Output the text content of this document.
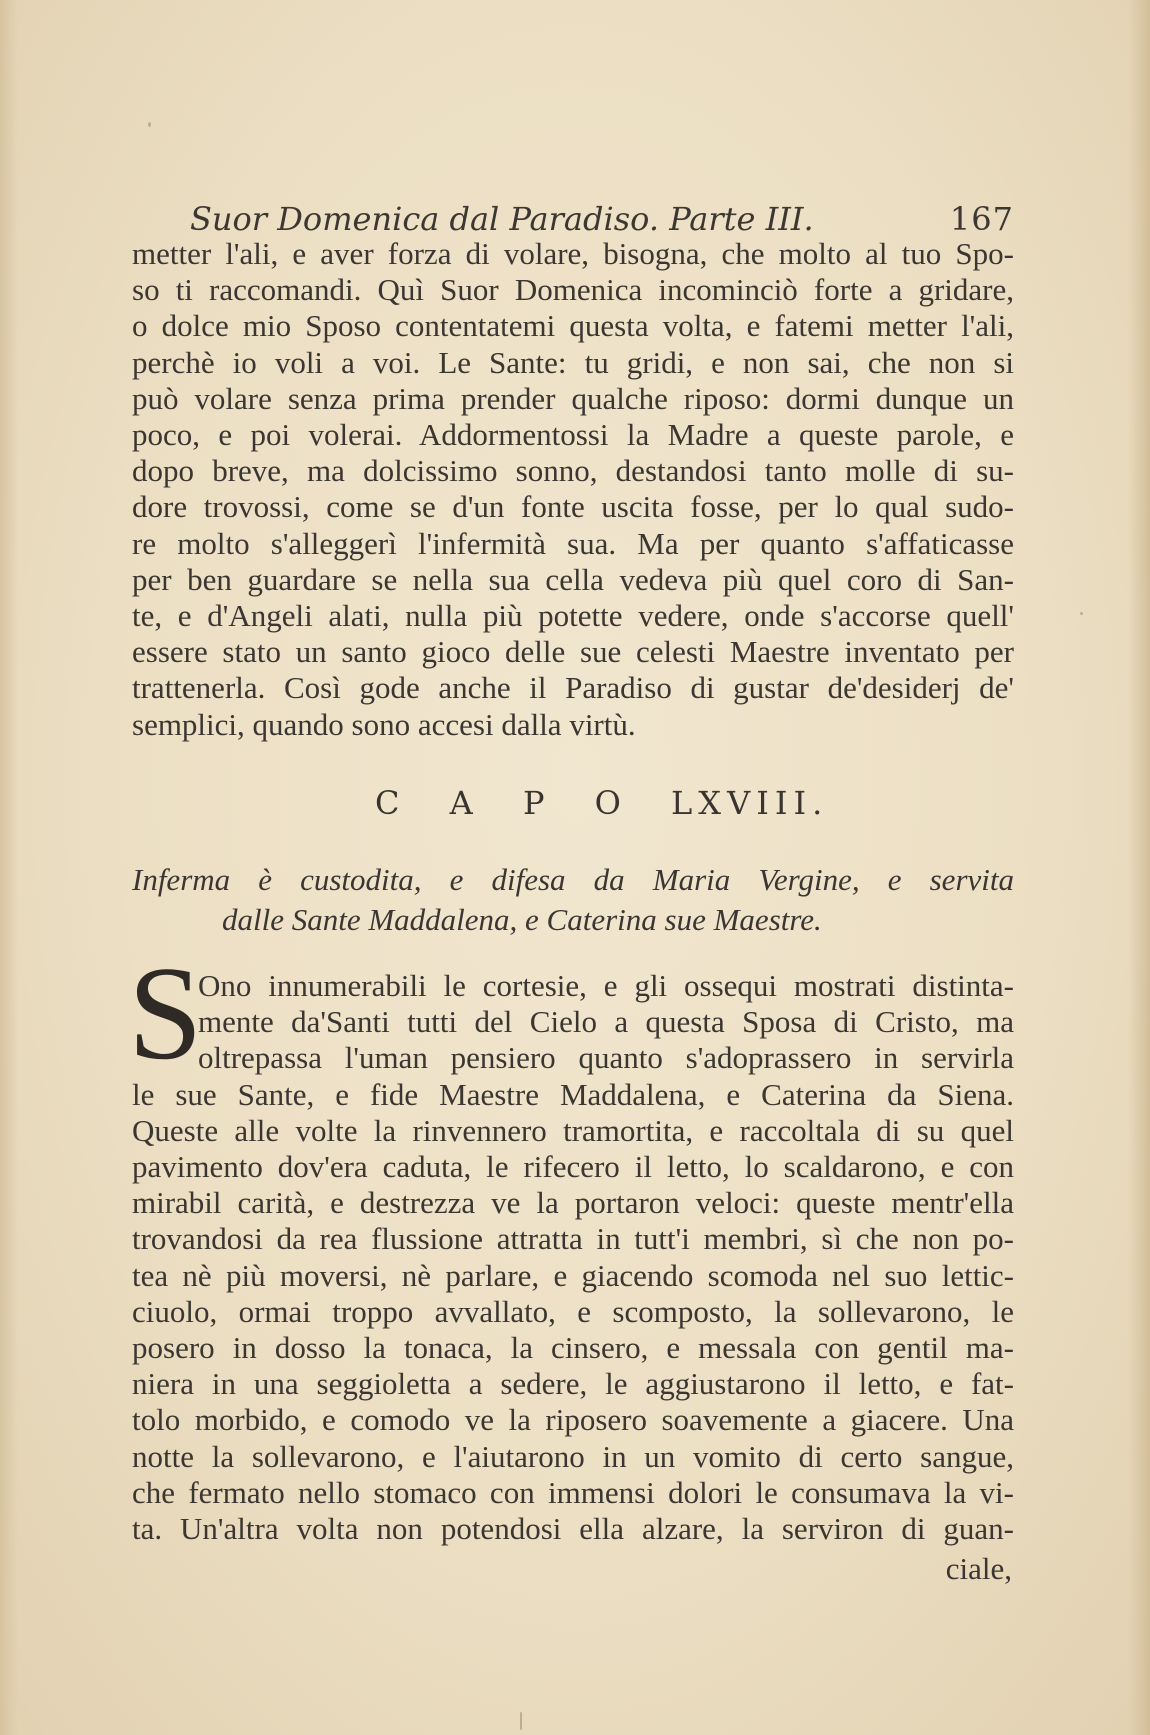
Suor Domenica dal Paradiso. Parte III.	167
metter l'ali, e aver forza di volare, bisogna, che molto al tuo Spo-
so ti raccomandi. Quì Suor Domenica incominciò forte a gridare,
o dolce mio Sposo contentatemi questa volta, e fatemi metter l'ali,
perchè io voli a voi. Le Sante: tu gridi, e non sai, che non si
può volare senza prima prender qualche riposo: dormi dunque un
poco, e poi volerai. Addormentossi la Madre a queste parole, e
dopo breve, ma dolcissimo sonno, destandosi tanto molle di su-
dore trovossi, come se d'un fonte uscita fosse, per lo qual sudo-
re molto s'alleggerì l'infermità sua. Ma per quanto s'affaticasse
per ben guardare se nella sua cella vedeva più quel coro di San-
te, e d'Angeli alati, nulla più potette vedere, onde s'accorse quell'
essere stato un santo gioco delle sue celesti Maestre inventato per
trattenerla. Così gode anche il Paradiso di gustar de'desiderj de'
semplici, quando sono accesi dalla virtù.
C A P O LXVIII.
Inferma è custodita, e difesa da Maria Vergine, e servita
dalle Sante Maddalena, e Caterina sue Maestre.
S
Ono innumerabili le cortesie, e gli ossequi mostrati distinta-
mente da'Santi tutti del Cielo a questa Sposa di Cristo, ma
oltrepassa l'uman pensiero quanto s'adoprassero in servirla
le sue Sante, e fide Maestre Maddalena, e Caterina da Siena.
Queste alle volte la rinvennero tramortita, e raccoltala di su quel
pavimento dov'era caduta, le rifecero il letto, lo scaldarono, e con
mirabil carità, e destrezza ve la portaron veloci: queste mentr'ella
trovandosi da rea flussione attratta in tutt'i membri, sì che non po-
tea nè più moversi, nè parlare, e giacendo scomoda nel suo lettic-
ciuolo, ormai troppo avvallato, e scomposto, la sollevarono, le
posero in dosso la tonaca, la cinsero, e messala con gentil ma-
niera in una seggioletta a sedere, le aggiustarono il letto, e fat-
tolo morbido, e comodo ve la riposero soavemente a giacere. Una
notte la sollevarono, e l'aiutarono in un vomito di certo sangue,
che fermato nello stomaco con immensi dolori le consumava la vi-
ta. Un'altra volta non potendosi ella alzare, la serviron di guan-
ciale,
